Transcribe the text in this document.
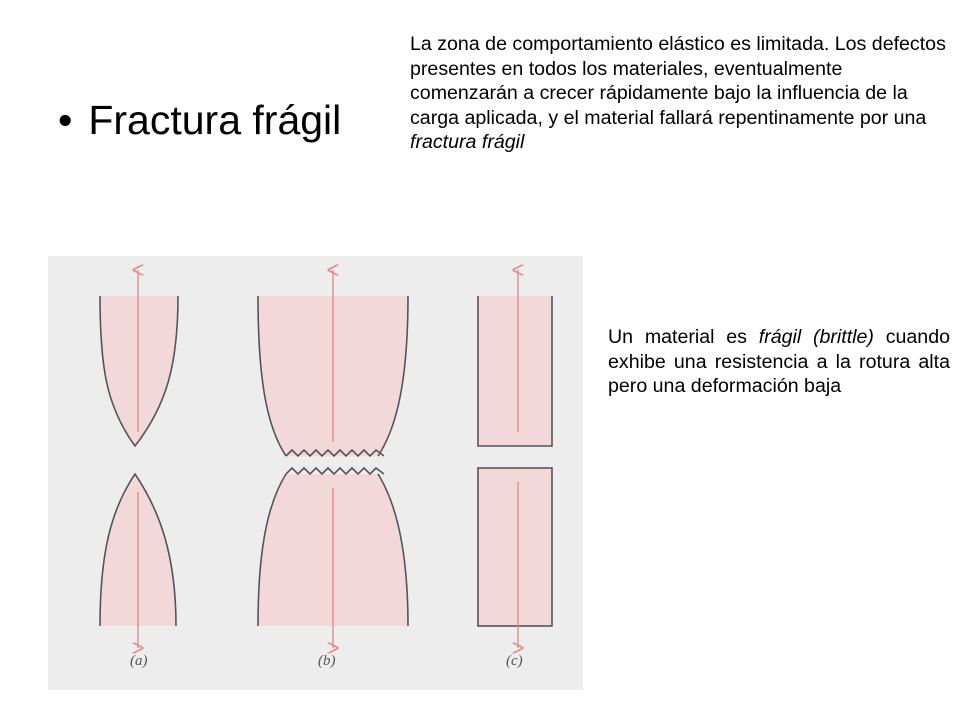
• Fractura frágil
La zona de comportamiento elástico es limitada. Los defectos presentes en todos los materiales, eventualmente comenzarán a crecer rápidamente bajo la influencia de la carga aplicada, y el material fallará repentinamente por una fractura frágil
Un material es frágil (brittle) cuando exhibe una resistencia a la rotura alta pero una deformación baja
(a)	(b)	(c)
